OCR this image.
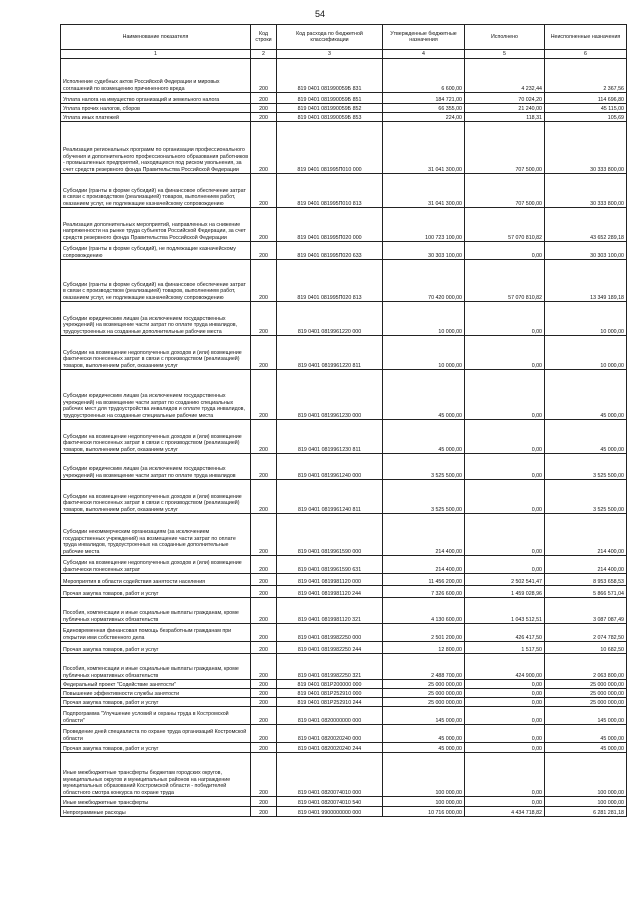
54
Наименование показателя	Код строки	Код расхода по бюджетной классификации	Утвержденные бюджетные назначения	Исполнено	Неисполненные назначения
1	2	3	4	5	6
Исполнение судебных актов Российской Федерации и мировых соглашений по возмещению причиненного вреда	200	819 0401 081990059Б 831	6 600,00	4 232,44	2 367,56
Уплата налога на имущество организаций и земельного налога	200	819 0401 081990059Б 851	184 721,00	70 024,20	114 696,80
Уплата прочих налогов, сборов	200	819 0401 081990059Б 852	66 355,00	21 240,00	45 115,00
Уплата иных платежей	200	819 0401 081990059Б 853	224,00	118,31	105,69
Реализация региональных программ по организации профессионального обучения и дополнительного профессионального образования работников - промышленных предприятий, находящихся под риском увольнения, за счет средств резервного фонда Правительства Российской Федерации	200	819 0401 081995П010 000	31 041 300,00	707 500,00	30 333 800,00
Субсидии (гранты в форме субсидий) на финансовое обеспечение затрат в связи с производством (реализацией) товаров, выполнением работ, оказанием услуг, не подлежащие казначейскому сопровождению	200	819 0401 081995П010 813	31 041 300,00	707 500,00	30 333 800,00
Реализация дополнительных мероприятий, направленных на снижение напряженности на рынке труда субъектов Российской Федерации, за счет средств резервного фонда Правительства Российской Федерации	200	819 0401 081995П020 000	100 723 100,00	57 070 810,82	43 652 289,18
Субсидии (гранты в форме субсидий), не подлежащие казначейскому сопровождению	200	819 0401 081995П020 633	30 303 100,00	0,00	30 303 100,00
Субсидии (гранты в форме субсидий) на финансовое обеспечение затрат в связи с производством (реализацией) товаров, выполнением работ, оказанием услуг, не подлежащие казначейскому сопровождению	200	819 0401 081995П020 813	70 420 000,00	57 070 810,82	13 349 189,18
Субсидии юридическим лицам (за исключением государственных учреждений) на возмещение части затрат по оплате труда инвалидов, трудоустроенных на созданные дополнительные рабочие места	200	819 0401 0819961220 000	10 000,00	0,00	10 000,00
Субсидии на возмещение недополученных доходов и (или) возмещение фактически понесенных затрат в связи с производством (реализацией) товаров, выполнением работ, оказанием услуг	200	819 0401 0819961220 811	10 000,00	0,00	10 000,00
Субсидии юридическим лицам (за исключением государственных учреждений) на возмещение части затрат по созданию специальных рабочих мест для трудоустройства инвалидов и оплате труда инвалидов, трудоустроенных на созданные специальные рабочие места	200	819 0401 0819961230 000	45 000,00	0,00	45 000,00
Субсидии на возмещение недополученных доходов и (или) возмещение фактически понесенных затрат в связи с производством (реализацией) товаров, выполнением работ, оказанием услуг	200	819 0401 0819961230 811	45 000,00	0,00	45 000,00
Субсидии юридическим лицам (за исключением государственных учреждений) на возмещение части затрат по оплате труда инвалидов	200	819 0401 0819961240 000	3 525 500,00	0,00	3 525 500,00
Субсидии на возмещение недополученных доходов и (или) возмещение фактически понесенных затрат в связи с производством (реализацией) товаров, выполнением работ, оказанием услуг	200	819 0401 0819961240 811	3 525 500,00	0,00	3 525 500,00
Субсидии некоммерческим организациям (за исключением государственных учреждений) на возмещение части затрат по оплате труда инвалидов, трудоустроенных на созданные дополнительные рабочие места	200	819 0401 0819961590 000	214 400,00	0,00	214 400,00
Субсидии на возмещение недополученных доходов и (или) возмещение фактически понесенных затрат	200	819 0401 0819961590 631	214 400,00	0,00	214 400,00
Мероприятия в области содействия занятости населения	200	819 0401 0819981120 000	11 456 200,00	2 502 541,47	8 953 658,53
Прочая закупка товаров, работ и услуг	200	819 0401 0819981120 244	7 326 600,00	1 459 028,96	5 866 571,04
Пособия, компенсации и иные социальные выплаты гражданам, кроме публичных нормативных обязательств	200	819 0401 0819981120 321	4 130 600,00	1 043 512,51	3 087 087,49
Единовременная финансовая помощь безработным гражданам при открытии ими собственного дела	200	819 0401 0819982250 000	2 501 200,00	426 417,50	2 074 782,50
Прочая закупка товаров, работ и услуг	200	819 0401 0819982250 244	12 800,00	1 517,50	10 682,50
Пособия, компенсации и иные социальные выплаты гражданам, кроме публичных нормативных обязательств	200	819 0401 0819982250 321	2 488 700,00	424 900,00	2 063 800,00
Федеральный проект "Содействие занятости"	200	819 0401 081P200000 000	25 000 000,00	0,00	25 000 000,00
Повышение эффективности службы занятости	200	819 0401 081P252910 000	25 000 000,00	0,00	25 000 000,00
Прочая закупка товаров, работ и услуг	200	819 0401 081P252910 244	25 000 000,00	0,00	25 000 000,00
Подпрограмма "Улучшение условий и охраны труда в Костромской области"	200	819 0401 0820000000 000	145 000,00	0,00	145 000,00
Проведение дней специалиста по охране труда организаций Костромской области	200	819 0401 0820020240 000	45 000,00	0,00	45 000,00
Прочая закупка товаров, работ и услуг	200	819 0401 0820020240 244	45 000,00	0,00	45 000,00
Иные межбюджетные трансферты бюджетам городских округов, муниципальных округов и муниципальных районов на награждение муниципальных образований Костромской области - победителей областного смотра конкурса по охране труда	200	819 0401 0820074010 000	100 000,00	0,00	100 000,00
Иные межбюджетные трансферты	200	819 0401 0820074010 540	100 000,00	0,00	100 000,00
Непрограммные расходы	200	819 0401 9900000000 000	10 716 000,00	4 434 718,82	6 281 281,18
